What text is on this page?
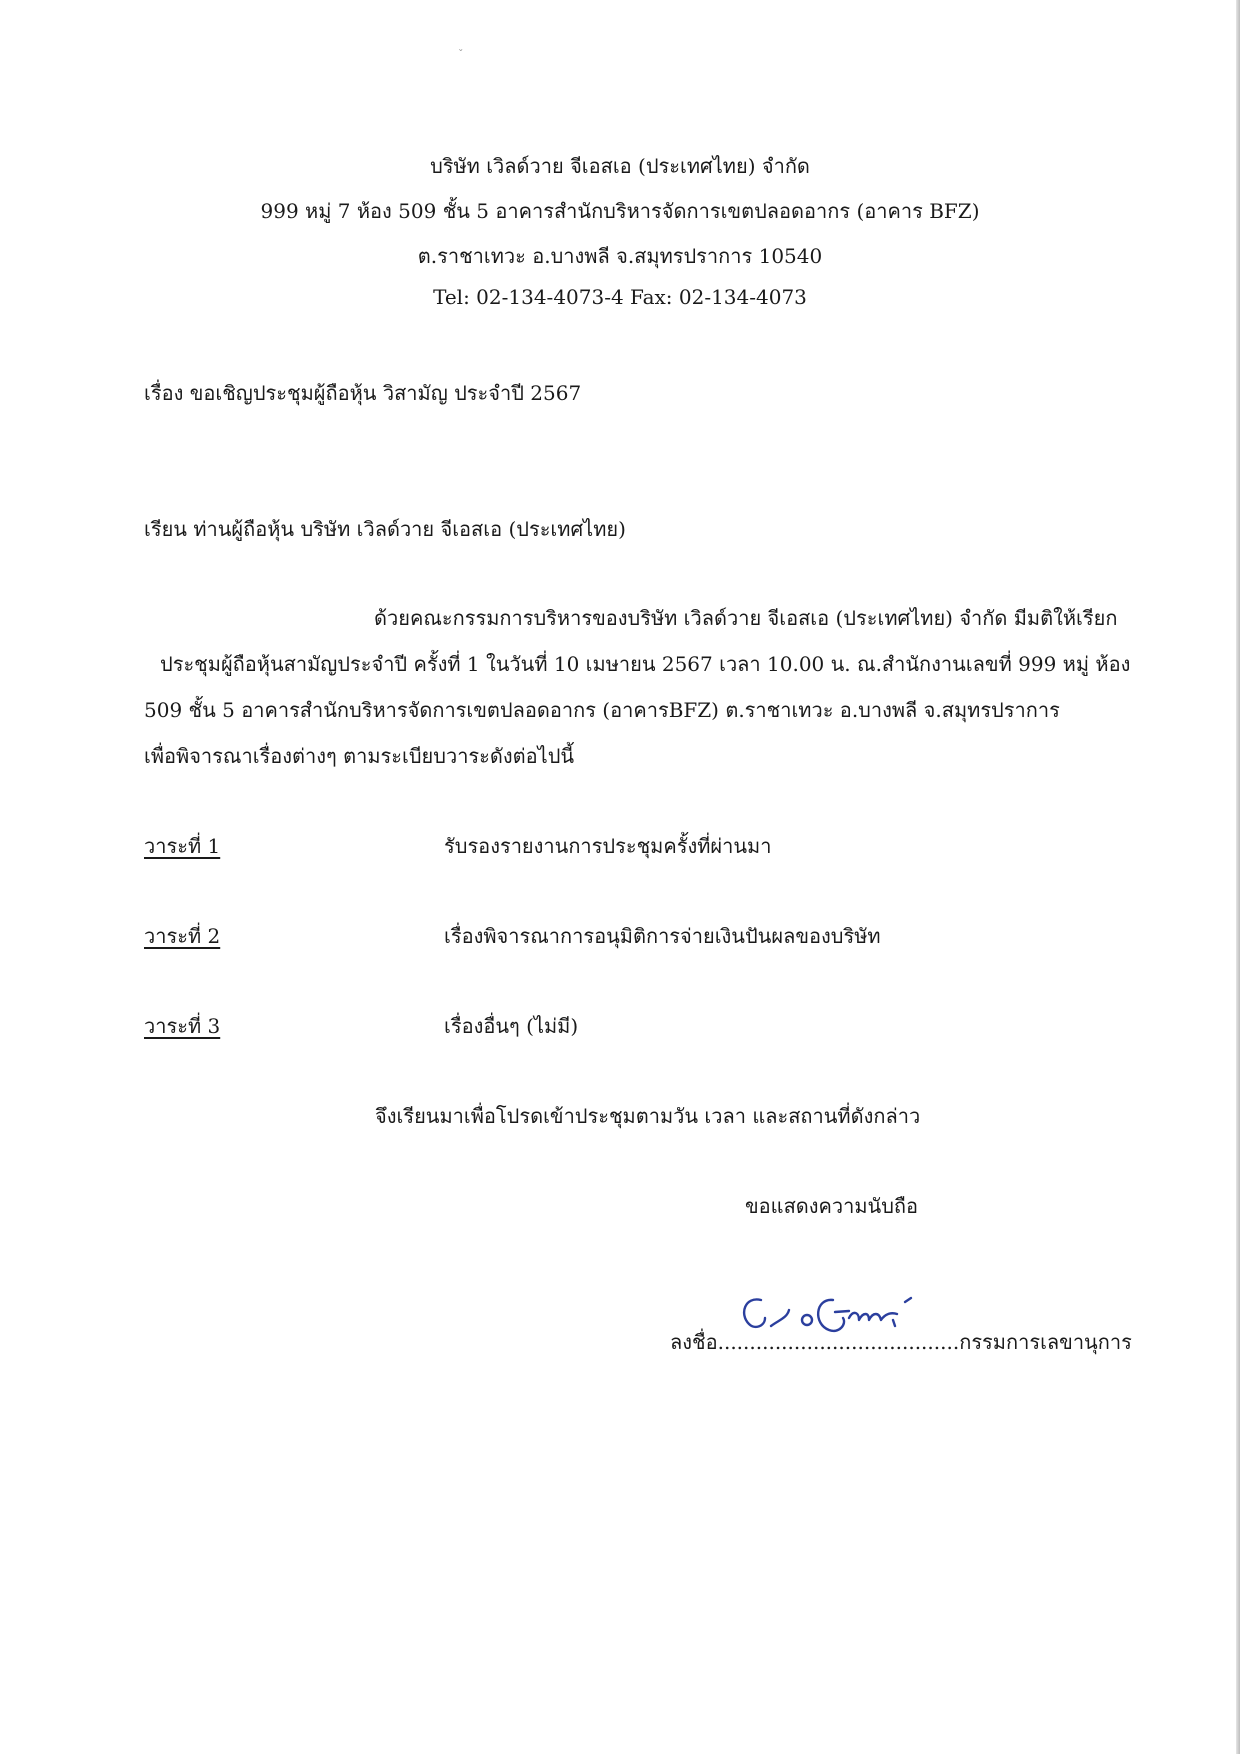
ˇ
บริษัท เวิลด์วาย จีเอสเอ (ประเทศไทย) จำกัด
999 หมู่ 7 ห้อง 509 ชั้น 5 อาคารสำนักบริหารจัดการเขตปลอดอากร (อาคาร BFZ)
ต.ราชาเทวะ อ.บางพลี จ.สมุทรปราการ 10540
Tel: 02-134-4073-4 Fax: 02-134-4073
เรื่อง ขอเชิญประชุมผู้ถือหุ้น วิสามัญ ประจำปี 2567
เรียน ท่านผู้ถือหุ้น บริษัท เวิลด์วาย จีเอสเอ (ประเทศไทย)
ด้วยคณะกรรมการบริหารของบริษัท เวิลด์วาย จีเอสเอ (ประเทศไทย) จำกัด มีมติให้เรียก
ประชุมผู้ถือหุ้นสามัญประจำปี ครั้งที่ 1 ในวันที่ 10 เมษายน 2567 เวลา 10.00 น. ณ.สำนักงานเลขที่ 999 หมู่ ห้อง
509 ชั้น 5 อาคารสำนักบริหารจัดการเขตปลอดอากร (อาคารBFZ) ต.ราชาเทวะ อ.บางพลี จ.สมุทรปราการ
เพื่อพิจารณาเรื่องต่างๆ ตามระเบียบวาระดังต่อไปนี้
วาระที่ 1	รับรองรายงานการประชุมครั้งที่ผ่านมา
วาระที่ 2	เรื่องพิจารณาการอนุมิติการจ่ายเงินปันผลของบริษัท
วาระที่ 3	เรื่องอื่นๆ (ไม่มี)
จึงเรียนมาเพื่อโปรดเข้าประชุมตามวัน เวลา และสถานที่ดังกล่าว
ขอแสดงความนับถือ
ลงชื่อ......................................กรรมการเลขานุการ
